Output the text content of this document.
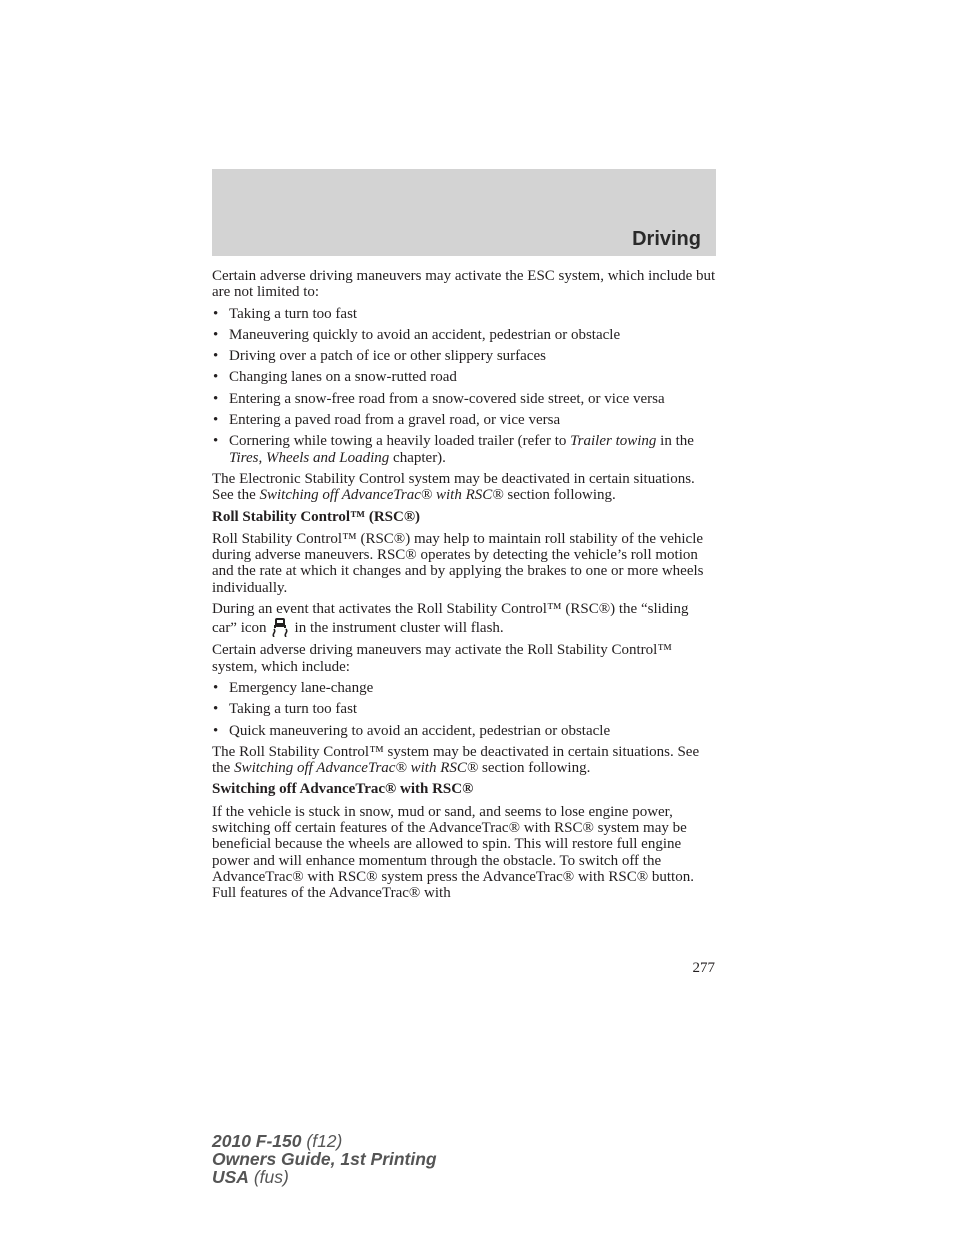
Driving

Certain adverse driving maneuvers may activate the ESC system, which include but are not limited to:

• Taking a turn too fast
• Maneuvering quickly to avoid an accident, pedestrian or obstacle
• Driving over a patch of ice or other slippery surfaces
• Changing lanes on a snow-rutted road
• Entering a snow-free road from a snow-covered side street, or vice versa
• Entering a paved road from a gravel road, or vice versa
• Cornering while towing a heavily loaded trailer (refer to Trailer towing in the Tires, Wheels and Loading chapter).

The Electronic Stability Control system may be deactivated in certain situations. See the Switching off AdvanceTrac® with RSC® section following.

Roll Stability Control™ (RSC®)

Roll Stability Control™ (RSC®) may help to maintain roll stability of the vehicle during adverse maneuvers. RSC® operates by detecting the vehicle’s roll motion and the rate at which it changes and by applying the brakes to one or more wheels individually.

During an event that activates the Roll Stability Control™ (RSC®) the “sliding car” icon in the instrument cluster will flash.

Certain adverse driving maneuvers may activate the Roll Stability Control™ system, which include:

• Emergency lane-change
• Taking a turn too fast
• Quick maneuvering to avoid an accident, pedestrian or obstacle

The Roll Stability Control™ system may be deactivated in certain situations. See the Switching off AdvanceTrac® with RSC® section following.

Switching off AdvanceTrac® with RSC®

If the vehicle is stuck in snow, mud or sand, and seems to lose engine power, switching off certain features of the AdvanceTrac® with RSC® system may be beneficial because the wheels are allowed to spin. This will restore full engine power and will enhance momentum through the obstacle. To switch off the AdvanceTrac® with RSC® system press the AdvanceTrac® with RSC® button. Full features of the AdvanceTrac® with

277
2010 F-150 (f12)
Owners Guide, 1st Printing
USA (fus)
